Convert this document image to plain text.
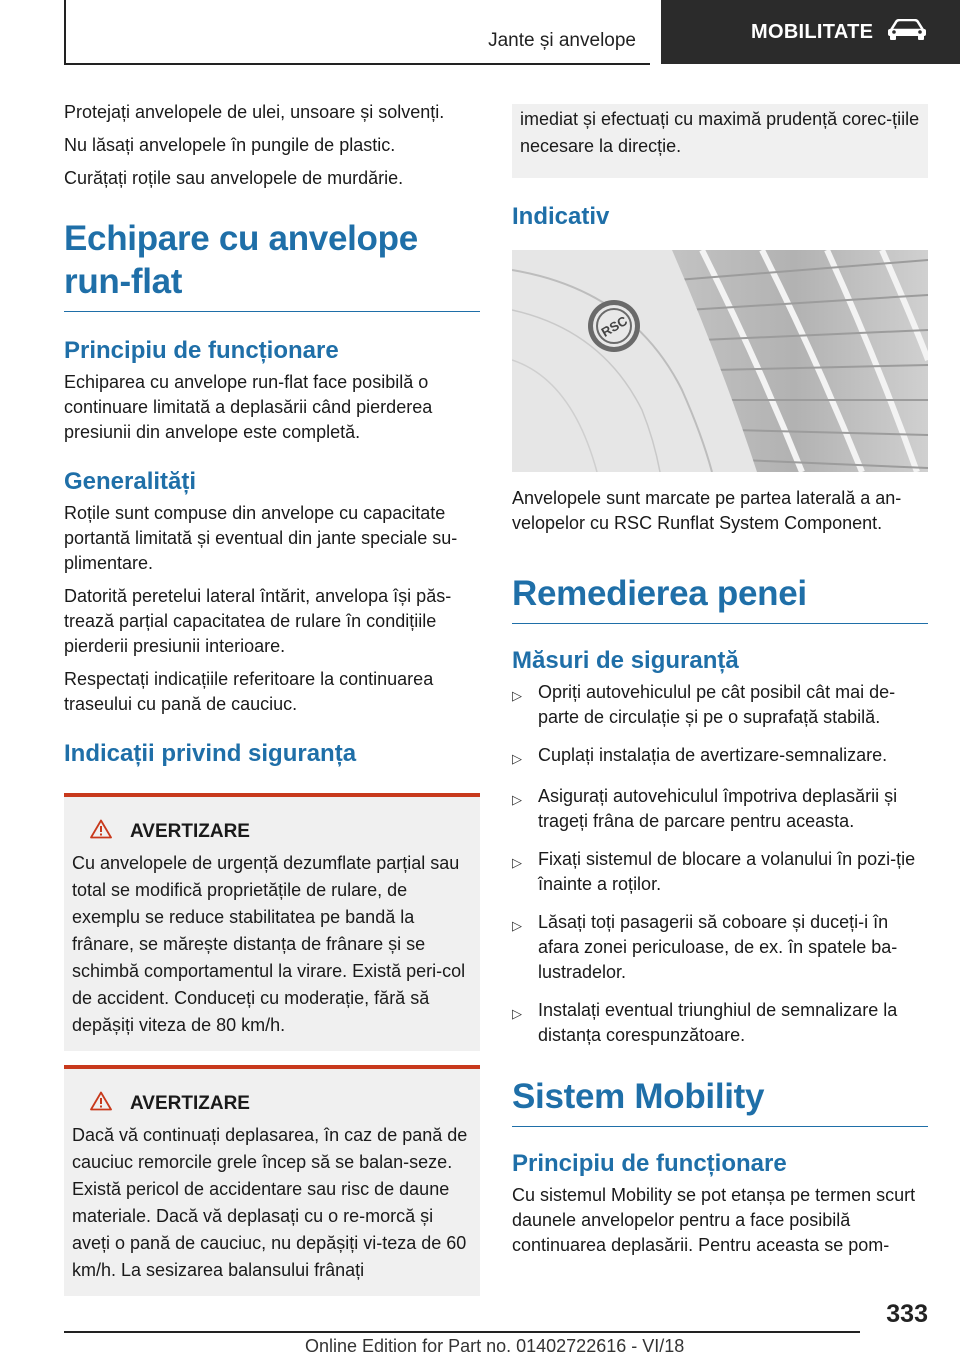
Jante și anvelope	MOBILITATE

Protejați anvelopele de ulei, unsoare și solvenți.

Nu lăsați anvelopele în pungile de plastic.

Curățați roțile sau anvelopele de murdărie.

Echipare cu anvelope run-flat
Principiu de funcționare

Echiparea cu anvelope run-flat face posibilă o continuare limitată a deplasării când pierderea presiunii din anvelope este completă.

Generalități

Roțile sunt compuse din anvelope cu capacitate portantă limitată și eventual din jante speciale su-plimentare.

Datorită peretelui lateral întărit, anvelopa își păs-trează parțial capacitatea de rulare în condițiile pierderii presiunii interioare.

Respectați indicațiile referitoare la continuarea traseului cu pană de cauciuc.

Indicații privind siguranța
AVERTIZARE

Cu anvelopele de urgență dezumflate parțial sau total se modifică proprietățile de rulare, de exemplu se reduce stabilitatea pe bandă la frânare, se mărește distanța de frânare și se schimbă comportamentul la virare. Există peri-col de accident. Conduceți cu moderație, fără să depășiți viteza de 80 km/h.

AVERTIZARE

Dacă vă continuați deplasarea, în caz de pană de cauciuc remorcile grele încep să se balan-seze. Există pericol de accidentare sau risc de daune materiale. Dacă vă deplasați cu o re-morcă și aveți o pană de cauciuc, nu depășiți vi-teza de 60 km/h. La sesizarea balansului frânați

imediat și efectuați cu maximă prudență corec-țiile necesare la direcție.

Indicativ
RSC

Anvelopele sunt marcate pe partea laterală a an-velopelor cu RSC Runflat System Component.

Remedierea penei
Măsuri de siguranță
▷ Opriți autovehiculul pe cât posibil cât mai de-parte de circulație și pe o suprafață stabilă.
▷ Cuplați instalația de avertizare-semnalizare.
▷ Asigurați autovehiculul împotriva deplasării și trageți frâna de parcare pentru aceasta.
▷ Fixați sistemul de blocare a volanului în pozi-ție înainte a roților.
▷ Lăsați toți pasagerii să coboare și duceți-i în afara zonei periculoase, de ex. în spatele ba-lustradelor.
▷ Instalați eventual triunghiul de semnalizare la distanța corespunzătoare.
Sistem Mobility
Principiu de funcționare

Cu sistemul Mobility se pot etanșa pe termen scurt daunele anvelopelor pentru a face posibilă continuarea deplasării. Pentru aceasta se pom-

333
Online Edition for Part no. 01402722616 - VI/18
